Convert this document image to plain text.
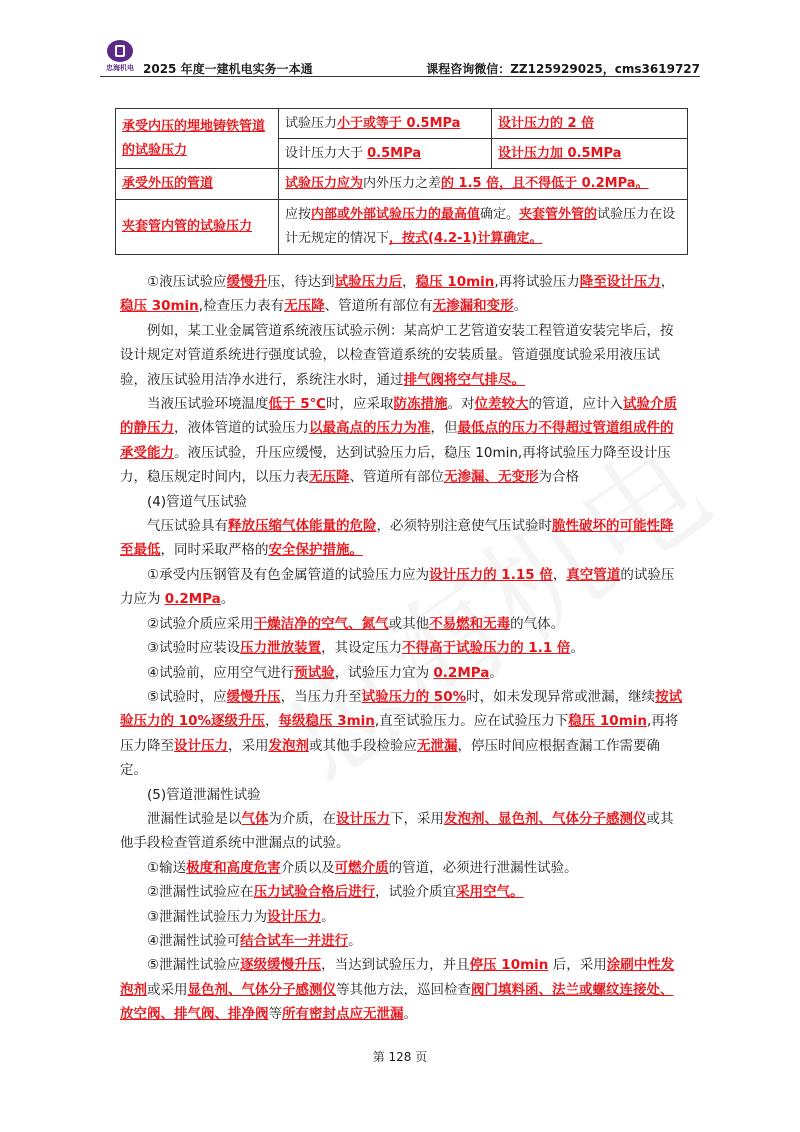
忠海机电 2025 年度一建机电实务一本通	课程咨询微信：ZZ125929025，cms3619727
承受内压的埋地铸铁管道的试验压力	试验压力小于或等于 0.5MPa	设计压力的 2 倍
	设计压力大于 0.5MPa	设计压力加 0.5MPa
承受外压的管道	试验压力应为内外压力之差的 1.5 倍，且不得低于 0.2MPa。	
夹套管内管的试验压力	应按内部或外部试验压力的最高值确定。夹套管外管的试验压力在设计无规定的情况下，按式(4.2-1)计算确定。	

①液压试验应缓慢升压，待达到试验压力后，稳压 10min,再将试验压力降至设计压力，稳压 30min,检查压力表有无压降、管道所有部位有无渗漏和变形。

例如，某工业金属管道系统液压试验示例：某高炉工艺管道安装工程管道安装完毕后，按设计规定对管道系统进行强度试验，以检查管道系统的安装质量。管道强度试验采用液压试验，液压试验用洁净水进行，系统注水时，通过排气阀将空气排尽。

当液压试验环境温度低于 5℃时，应采取防冻措施。对位差较大的管道，应计入试验介质的静压力，液体管道的试验压力以最高点的压力为准，但最低点的压力不得超过管道组成件的承受能力。液压试验，升压应缓慢，达到试验压力后，稳压 10min,再将试验压力降至设计压力，稳压规定时间内，以压力表无压降、管道所有部位无渗漏、无变形为合格

(4)管道气压试验

气压试验具有释放压缩气体能量的危险，必须特别注意使气压试验时脆性破坏的可能性降至最低，同时采取严格的安全保护措施。

①承受内压钢管及有色金属管道的试验压力应为设计压力的 1.15 倍，真空管道的试验压力应为 0.2MPa。

②试验介质应采用干燥洁净的空气、氮气或其他不易燃和无毒的气体。

③试验时应装设压力泄放装置，其设定压力不得高于试验压力的 1.1 倍。

④试验前，应用空气进行预试验，试验压力宜为 0.2MPa。

⑤试验时，应缓慢升压，当压力升至试验压力的 50%时，如未发现异常或泄漏，继续按试验压力的 10%逐级升压，每级稳压 3min,直至试验压力。应在试验压力下稳压 10min,再将压力降至设计压力，采用发泡剂或其他手段检验应无泄漏，停压时间应根据查漏工作需要确定。

(5)管道泄漏性试验

泄漏性试验是以气体为介质，在设计压力下，采用发泡剂、显色剂、气体分子感测仪或其他手段检查管道系统中泄漏点的试验。

①输送极度和高度危害介质以及可燃介质的管道，必须进行泄漏性试验。

②泄漏性试验应在压力试验合格后进行，试验介质宜采用空气。

③泄漏性试验压力为设计压力。

④泄漏性试验可结合试车一并进行。

⑤泄漏性试验应逐级缓慢升压，当达到试验压力，并且停压 10min 后，采用涂刷中性发泡剂或采用显色剂、气体分子感测仪等其他方法，巡回检查阀门填料函、法兰或螺纹连接处、放空阀、排气阀、排净阀等所有密封点应无泄漏。

第 128 页
